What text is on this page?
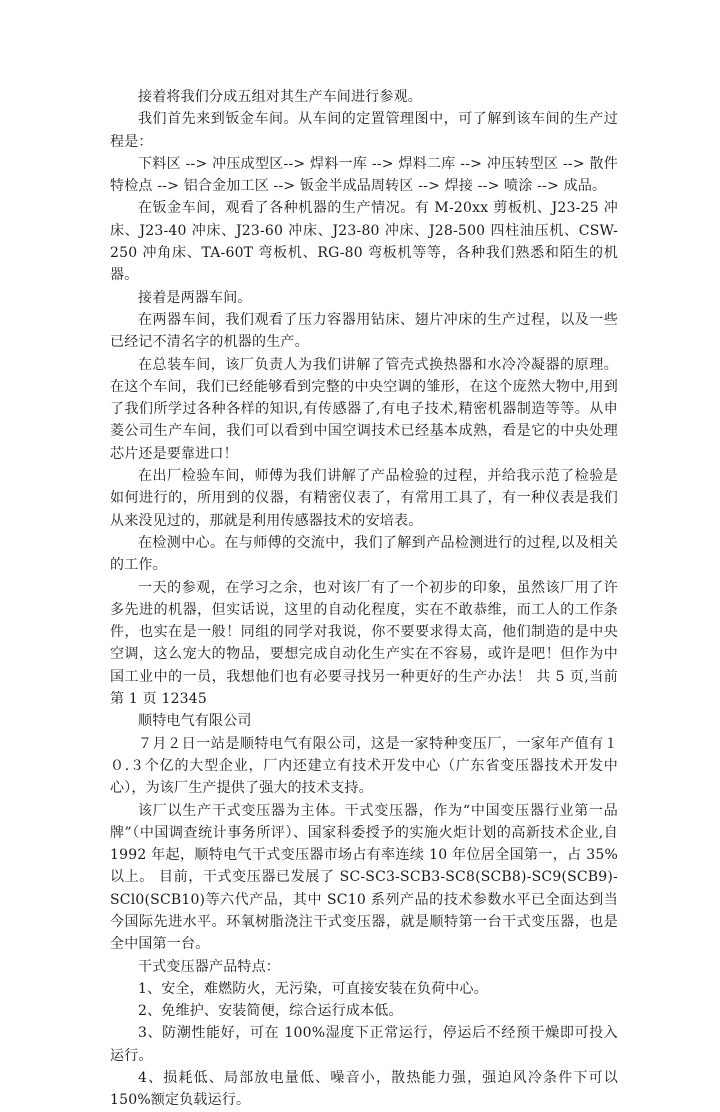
接着将我们分成五组对其生产车间进行参观。

我们首先来到钣金车间。从车间的定置管理图中，可了解到该车间的生产过程是：

下料区 --> 冲压成型区--> 焊料一库 --> 焊料二库 --> 冲压转型区 --> 散件特检点 --> 铝合金加工区 --> 钣金半成品周转区 --> 焊接 --> 喷涂 --> 成品。

在钣金车间，观看了各种机器的生产情况。有 M-20xx 剪板机、J23-25 冲床、J23-40 冲床、J23-60 冲床、J23-80 冲床、J28-500 四柱油压机、CSW-250 冲角床、TA-60T 弯板机、RG-80 弯板机等等，各种我们熟悉和陌生的机器。

接着是两器车间。

在两器车间，我们观看了压力容器用钻床、翅片冲床的生产过程，以及一些已经记不清名字的机器的生产。

在总装车间，该厂负责人为我们讲解了管壳式换热器和水冷冷凝器的原理。在这个车间，我们已经能够看到完整的中央空调的雏形，在这个庞然大物中,用到了我们所学过各种各样的知识,有传感器了,有电子技术,精密机器制造等等。从申菱公司生产车间，我们可以看到中国空调技术已经基本成熟，看是它的中央处理芯片还是要靠进口！

在出厂检验车间，师傅为我们讲解了产品检验的过程，并给我示范了检验是如何进行的，所用到的仪器，有精密仪表了，有常用工具了，有一种仪表是我们从来没见过的，那就是利用传感器技术的安培表。

在检测中心。在与师傅的交流中，我们了解到产品检测进行的过程,以及相关的工作。

一天的参观，在学习之余，也对该厂有了一个初步的印象，虽然该厂用了许多先进的机器，但实话说，这里的自动化程度，实在不敢恭维，而工人的工作条件，也实在是一般！同组的同学对我说，你不要要求得太高，他们制造的是中央空调，这么宠大的物品，要想完成自动化生产实在不容易，或许是吧！但作为中国工业中的一员，我想他们也有必要寻找另一种更好的生产办法！ 共 5 页,当前第 1 页 12345

顺特电气有限公司

７月２日一站是顺特电气有限公司，这是一家特种变压厂，一家年产值有１０.３个亿的大型企业，厂内还建立有技术开发中心（广东省变压器技术开发中心），为该厂生产提供了强大的技术支持。

该厂以生产干式变压器为主体。干式变压器，作为“中国变压器行业第一品牌”（中国调查统计事务所评）、国家科委授予的实施火炬计划的高新技术企业,自 1992 年起，顺特电气干式变压器市场占有率连续 10 年位居全国第一，占 35%以上。 目前，干式变压器已发展了 SC-SC3-SCB3-SC8(SCB8)-SC9(SCB9)-SCl0(SCB10)等六代产品，其中 SC10 系列产品的技术参数水平已全面达到当今国际先进水平。环氧树脂浇注干式变压器，就是顺特第一台干式变压器，也是全中国第一台。

干式变压器产品特点：

1、安全，难燃防火，无污染，可直接安装在负荷中心。

2、免维护、安装简便，综合运行成本低。

3、防潮性能好，可在 100%湿度下正常运行，停运后不经预干燥即可投入运行。

4、损耗低、局部放电量低、噪音小，散热能力强，强迫风冷条件下可以 150%额定负载运行。
